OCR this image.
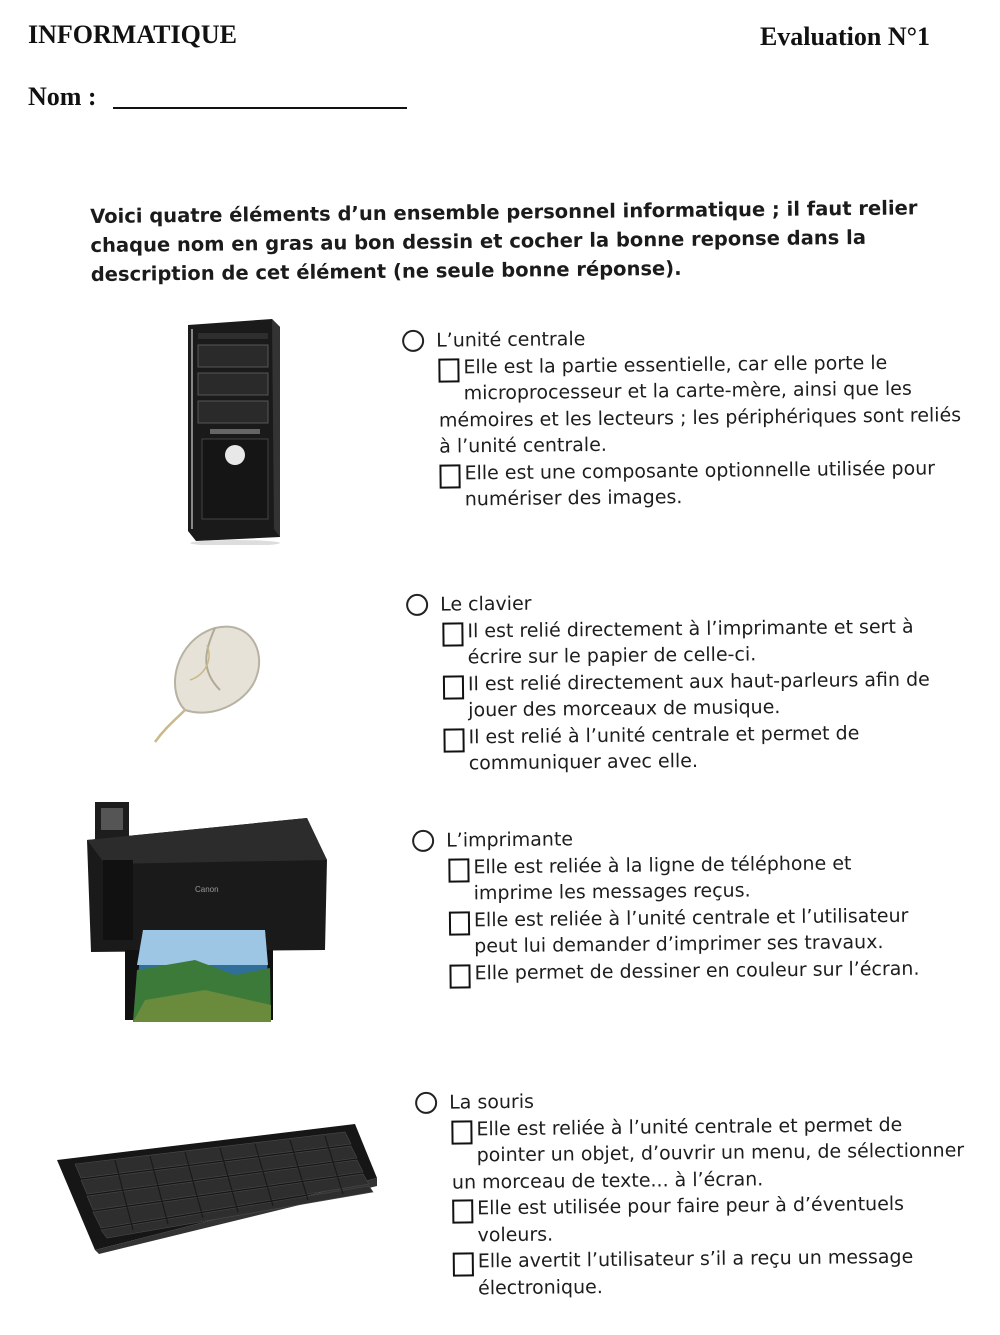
INFORMATIQUE	Evaluation N°1
Nom :
Voici quatre éléments d’un ensemble personnel informatique ; il faut relier chaque nom en gras au bon dessin et cocher la bonne reponse dans la description de cet élément (ne seule bonne réponse).
Canon
L’unité centrale
Elle est la partie essentielle, car elle porte le microprocesseur et la carte-mère, ainsi que les mémoires et les lecteurs ; les périphériques sont reliés à l’unité centrale.
Elle est une composante optionnelle utilisée pour numériser des images.
Le clavier
Il est relié directement à l’imprimante et sert à écrire sur le papier de celle-ci.
Il est relié directement aux haut-parleurs afin de jouer des morceaux de musique.
Il est relié à l’unité centrale et permet de communiquer avec elle.
L’imprimante
Elle est reliée à la ligne de téléphone et imprime les messages reçus.
Elle est reliée à l’unité centrale et l’utilisateur peut lui demander d’imprimer ses travaux.
Elle permet de dessiner en couleur sur l’écran.
La souris
Elle est reliée à l’unité centrale et permet de pointer un objet, d’ouvrir un menu, de sélectionner un morceau de texte... à l’écran.
Elle est utilisée pour faire peur à d’éventuels voleurs.
Elle avertit l’utilisateur s’il a reçu un message électronique.
